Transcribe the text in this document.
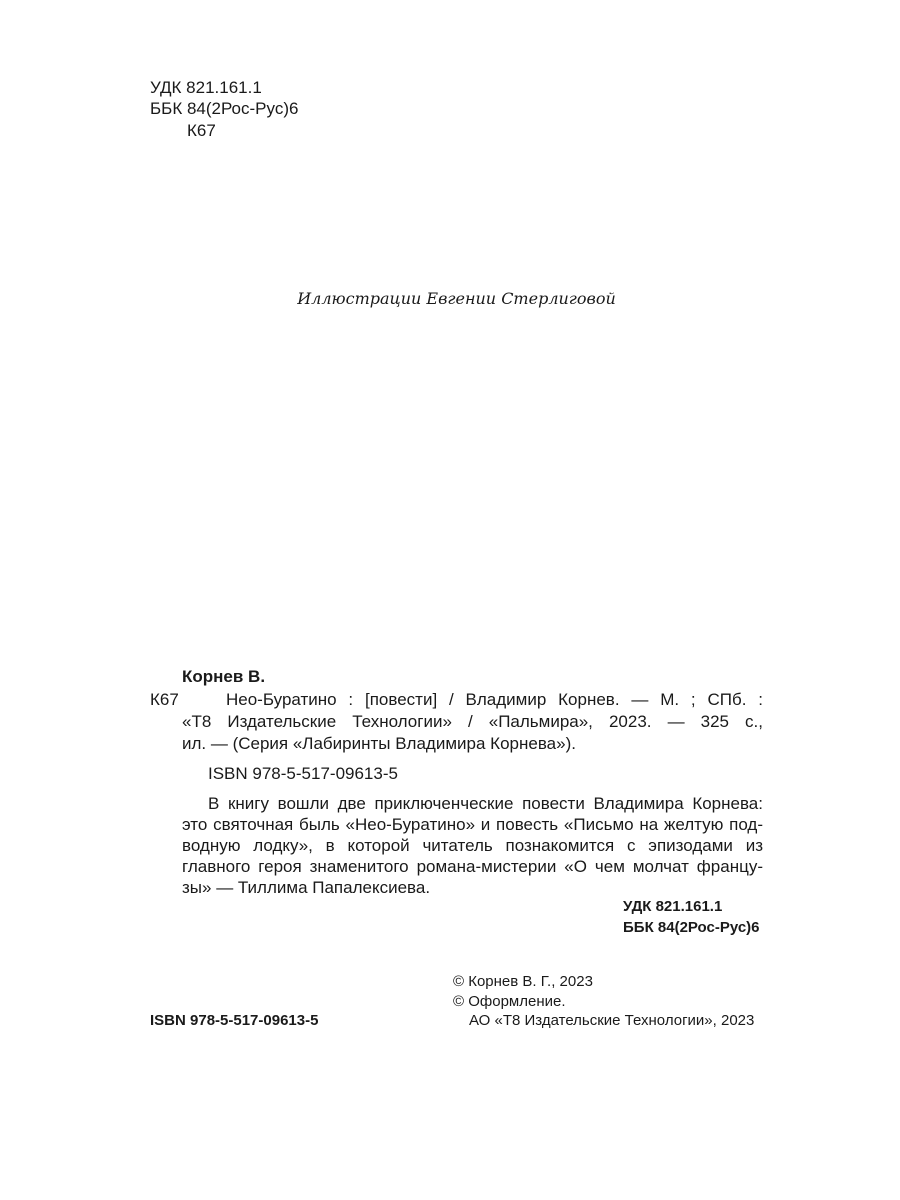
УДК 821.161.1
ББК 84(2Рос-Рус)6
К67
Иллюстрации Евгении Стерлиговой
Корнев В.
К67	Нео-Буратино : [повести] / Владимир Корнев. — М. ; СПб. :
«Т8 Издательские Технологии» / «Пальмира», 2023. — 325 с.,
ил. — (Серия «Лабиринты Владимира Корнева»).
ISBN 978-5-517-09613-5
В книгу вошли две приключенческие повести Владимира Корнева:
это святочная быль «Нео-Буратино» и повесть «Письмо на желтую под-
водную лодку», в которой читатель познакомится с эпизодами из
главного героя знаменитого романа-мистерии «О чем молчат францу-
зы» — Тиллима Папалексиева.
УДК 821.161.1
ББК 84(2Рос-Рус)6
© Корнев В. Г., 2023
© Оформление.
АО «Т8 Издательские Технологии», 2023
ISBN 978-5-517-09613-5
